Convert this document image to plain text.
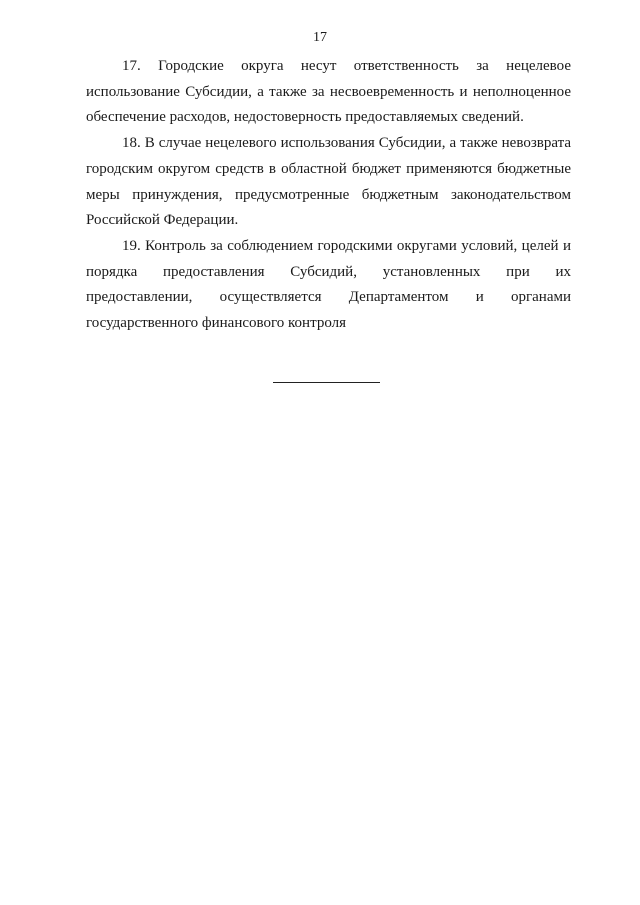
17

17. Городские округа несут ответственность за нецелевое использование Субсидии, а также за несвоевременность и неполноценное обеспечение расходов, недостоверность предоставляемых сведений.

18. В случае нецелевого использования Субсидии, а также невозврата городским округом средств в областной бюджет применяются бюджетные меры принуждения, предусмотренные бюджетным законодательством Российской Федерации.

19. Контроль за соблюдением городскими округами условий, целей и порядка предоставления Субсидий, установленных при их предоставлении, осуществляется Департаментом и органами государственного финансового контроля
